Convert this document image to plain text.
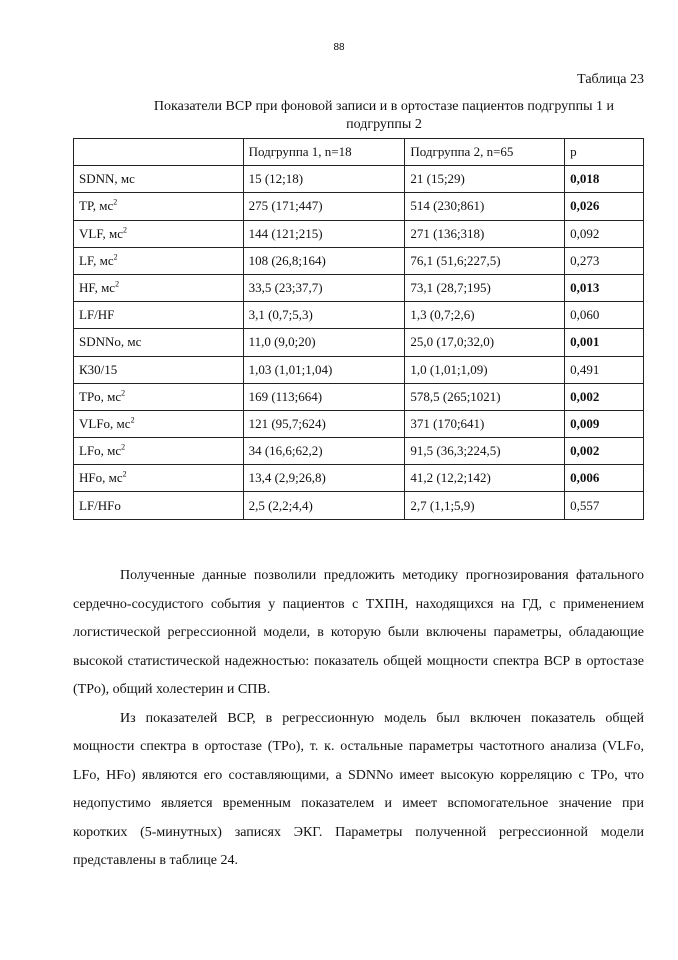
88
Таблица 23
Показатели ВСР при фоновой записи и в ортостазе пациентов подгруппы 1 и подгруппы 2
	Подгруппа 1, n=18	Подгруппа 2, n=65	p
SDNN, мс	15 (12;18)	21 (15;29)	0,018
TP, $мс^2$	275 (171;447)	514 (230;861)	0,026
VLF, $мс^2$	144 (121;215)	271 (136;318)	0,092
LF, $мс^2$	108 (26,8;164)	76,1 (51,6;227,5)	0,273
HF, $мс^2$	33,5 (23;37,7)	73,1 (28,7;195)	0,013
LF/HF	3,1 (0,7;5,3)	1,3 (0,7;2,6)	0,060
SDNNo, мс	11,0 (9,0;20)	25,0 (17,0;32,0)	0,001
К30/15	1,03 (1,01;1,04)	1,0 (1,01;1,09)	0,491
TPo, $мс^2$	169 (113;664)	578,5 (265;1021)	0,002
VLFo, $мс^2$	121 (95,7;624)	371 (170;641)	0,009
LFo, $мс^2$	34 (16,6;62,2)	91,5 (36,3;224,5)	0,002
HFo, $мс^2$	13,4 (2,9;26,8)	41,2 (12,2;142)	0,006
LF/HFo	2,5 (2,2;4,4)	2,7 (1,1;5,9)	0,557

Полученные данные позволили предложить методику прогнозирования фатального сердечно-сосудистого события у пациентов с ТХПН, находящихся на ГД, с применением логистической регрессионной модели, в которую были включены параметры, обладающие высокой статистической надежностью: показатель общей мощности спектра ВСР в ортостазе (TPo), общий холестерин и СПВ.

Из показателей ВСР, в регрессионную модель был включен показатель общей мощности спектра в ортостазе (TPo), т. к. остальные параметры частотного анализа (VLFo, LFo, HFo) являются его составляющими, а SDNNo имеет высокую корреляцию с TPo, что недопустимо является временным показателем и имеет вспомогательное значение при коротких (5-минутных) записях ЭКГ. Параметры полученной регрессионной модели представлены в таблице 24.
